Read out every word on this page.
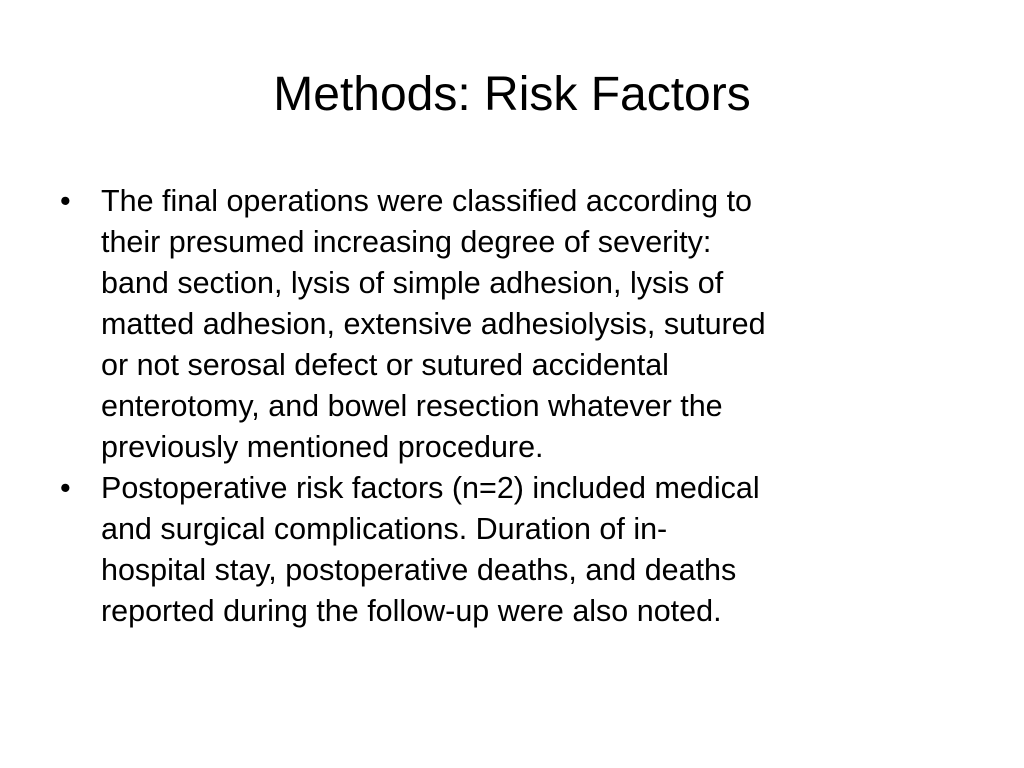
Methods: Risk Factors
• The final operations were classified according to
their presumed increasing degree of severity:
band section, lysis of simple adhesion, lysis of
matted adhesion, extensive adhesiolysis, sutured
or not serosal defect or sutured accidental
enterotomy, and bowel resection whatever the
previously mentioned procedure.
• Postoperative risk factors (n=2) included medical
and surgical complications. Duration of in-
hospital stay, postoperative deaths, and deaths
reported during the follow-up were also noted.
